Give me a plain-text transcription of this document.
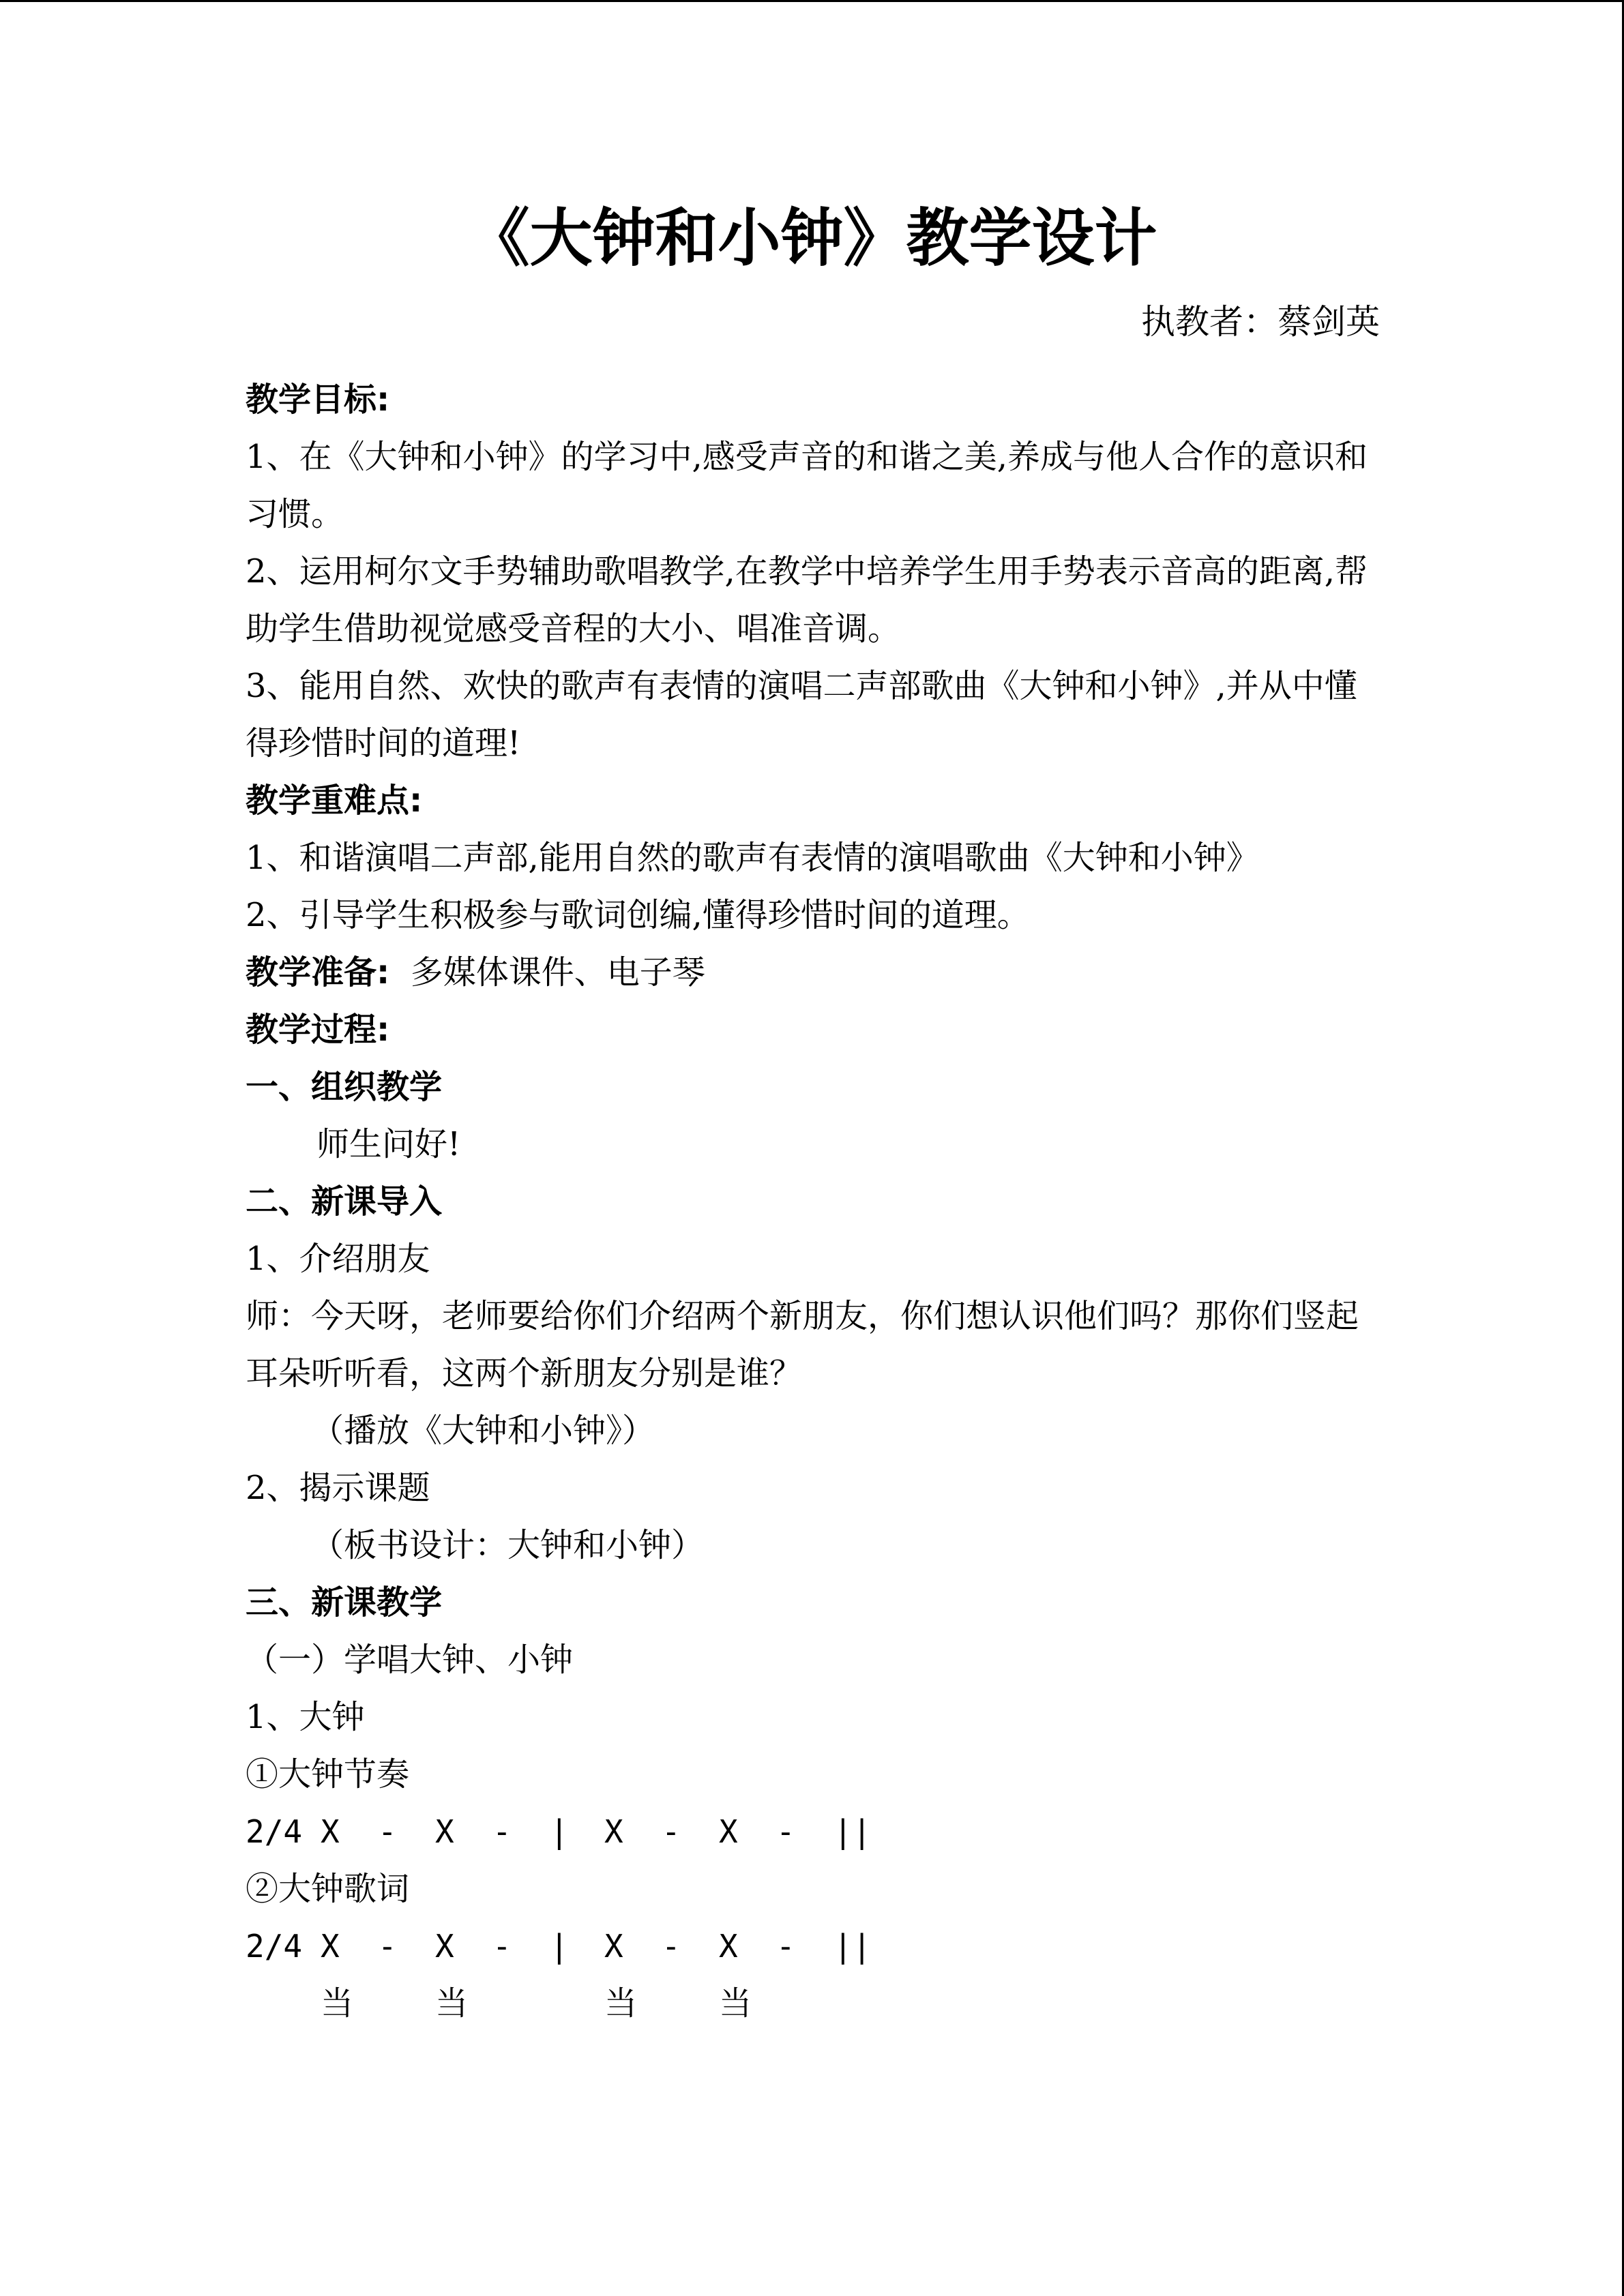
《大钟和小钟》教学设计
执教者：蔡剑英

教学目标:

1、在《大钟和小钟》的学习中,感受声音的和谐之美,养成与他人合作的意识和习惯。

2、运用柯尔文手势辅助歌唱教学,在教学中培养学生用手势表示音高的距离,帮助学生借助视觉感受音程的大小、唱准音调。

3、能用自然、欢快的歌声有表情的演唱二声部歌曲《大钟和小钟》,并从中懂得珍惜时间的道理!

教学重难点:

1、和谐演唱二声部,能用自然的歌声有表情的演唱歌曲《大钟和小钟》

2、引导学生积极参与歌词创编,懂得珍惜时间的道理。

教学准备: 多媒体课件、电子琴

教学过程:

一、组织教学

师生问好!

二、新课导入

1、介绍朋友

师：今天呀，老师要给你们介绍两个新朋友，你们想认识他们吗？那你们竖起耳朵听听看，这两个新朋友分别是谁？

（播放《大钟和小钟》）

2、揭示课题

（板书设计：大钟和小钟）

三、新课教学

（一）学唱大钟、小钟

1、大钟

①大钟节奏

2/4 X	-	X	-	|	X	-	X	-	||

②大钟歌词

2/4 X	-	X	-	|	X	-	X	-	||
当	当	当	当
